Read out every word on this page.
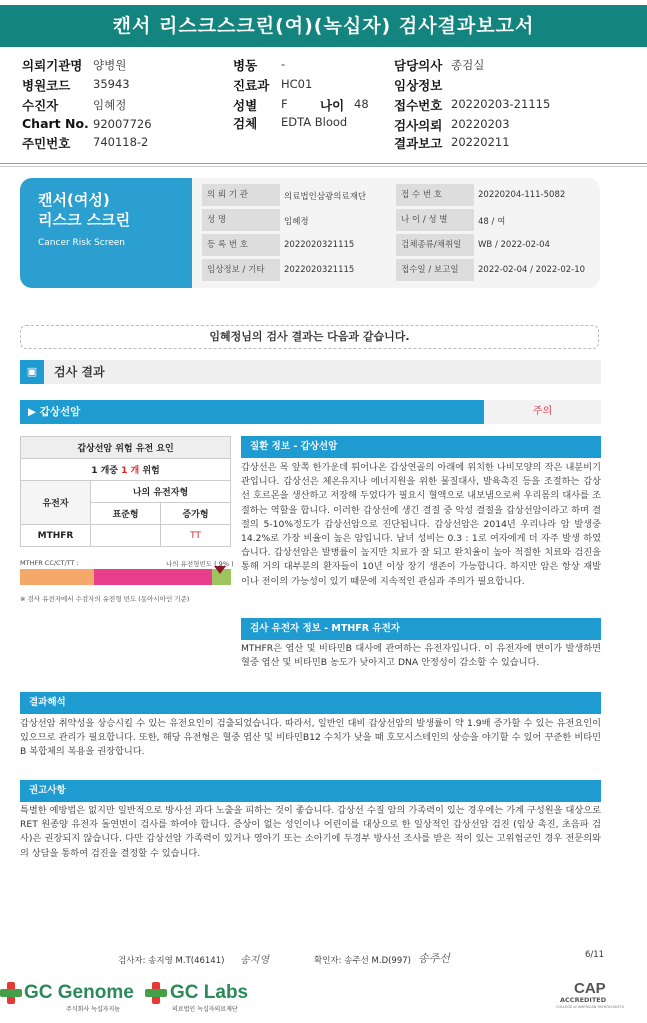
캔서 리스크스크린(여)(녹십자) 검사결과보고서
의뢰기관명 양병원
병원코드 35943
수진자	임혜정
Chart No. 92007726
주민번호 740118-2
병동 -
진료과 HC01
성별 F	나이 48
검체 EDTA Blood
담당의사 종검실
임상정보
접수번호 20220203-21115
검사의뢰 20220203
결과보고 20220211
캔서(여성)
리스크 스크린
Cancer Risk Screen
의 뢰 기 관	의료법인삼광의료재단	접 수 번 호	20220204-111-5082
성 명	임혜정	나 이 / 성 별	48 / 여
등 록 번 호	2022020321115	검체종류/채취일	WB / 2022-02-04
임상정보 / 기타	2022020321115	접수일 / 보고일	2022-02-04 / 2022-02-10
임혜정님의 검사 결과는 다음과 같습니다.
▣	검사 결과
▶ 갑상선암	주의
갑상선암 위험 유전 요인		
1 개중 1 개 위험		
유전자	나의 유전자형	
	표준형	증가형
MTHFR		TT
MTHFR CC/CT/TT :	나의 유전형빈도 ( 9% )
※ 검사 유전자에서 수검자의 유전형 빈도 (동아시아인 기준)
질환 정보 - 갑상선암
갑상선은 목 앞쪽 한가운데 튀어나온 갑상연골의 아래에 위치한 나비모양의 작은 내분비기관입니다. 갑상선은 체온유지나 에너지원을 위한 물질대사, 발육촉진 등을 조절하는 갑상선 호르몬을 생산하고 저장해 두었다가 필요시 혈액으로 내보냄으로써 우리몸의 대사를 조절하는 역할을 합니다. 이러한 갑상선에 생긴 결절 중 악성 결절을 갑상선암이라고 하며 결절의 5-10%정도가 갑상선암으로 진단됩니다. 갑상선암은 2014년 우리나라 암 발생중 14.2%로 가장 비율이 높은 암입니다. 남녀 성비는 0.3 : 1로 여자에게 더 자주 발생 하였습니다. 갑상선암은 발병률이 높지만 치료가 잘 되고 완치율이 높아 적절한 치료와 검진을 통해 거의 대부분의 환자들이 10년 이상 장기 생존이 가능합니다. 하지만 암은 항상 재발이나 전이의 가능성이 있기 때문에 지속적인 관심과 주의가 필요합니다.
검사 유전자 정보 - MTHFR 유전자
MTHFR은 엽산 및 비타민B 대사에 관여하는 유전자입니다. 이 유전자에 변이가 발생하면 혈중 엽산 및 비타민B 농도가 낮아지고 DNA 안정성이 감소할 수 있습니다.
결과해석
갑상선암 취약성을 상승시킬 수 있는 유전요인이 검출되었습니다. 따라서, 일반인 대비 갑상선암의 발생률이 약 1.9배 증가할 수 있는 유전요인이 있으므로 관리가 필요합니다. 또한, 해당 유전형은 혈중 엽산 및 비타민B12 수치가 낮을 때 호모시스테인의 상승을 야기할 수 있어 꾸준한 비타민B 복합체의 복용을 권장합니다.
권고사항
특별한 예방법은 없지만 일반적으로 방사선 과다 노출을 피하는 것이 좋습니다. 갑상선 수질 암의 가족력이 있는 경우에는 가계 구성원을 대상으로 RET 원종양 유전자 돌연변이 검사를 하여야 합니다. 증상이 없는 성인이나 어린이를 대상으로 한 일상적인 갑상선암 검진 (임상 촉진, 초음파 검사)은 권장되지 않습니다. 다만 갑상선암 가족력이 있거나 영아기 또는 소아기에 두경부 방사선 조사를 받은 적이 있는 고위험군인 경우 전문의와의 상담을 통하여 검진을 결정할 수 있습니다.
검사자: 송지영 M.T(46141) 송지영	확인자: 송주선 M.D(997) 송주선	6/11
GC Genome
주식회사 녹십자지놈
GC Labs
의료법인 녹십자의료재단
CAP
ACCREDITED
COLLEGE of AMERICAN PATHOLOGISTS
